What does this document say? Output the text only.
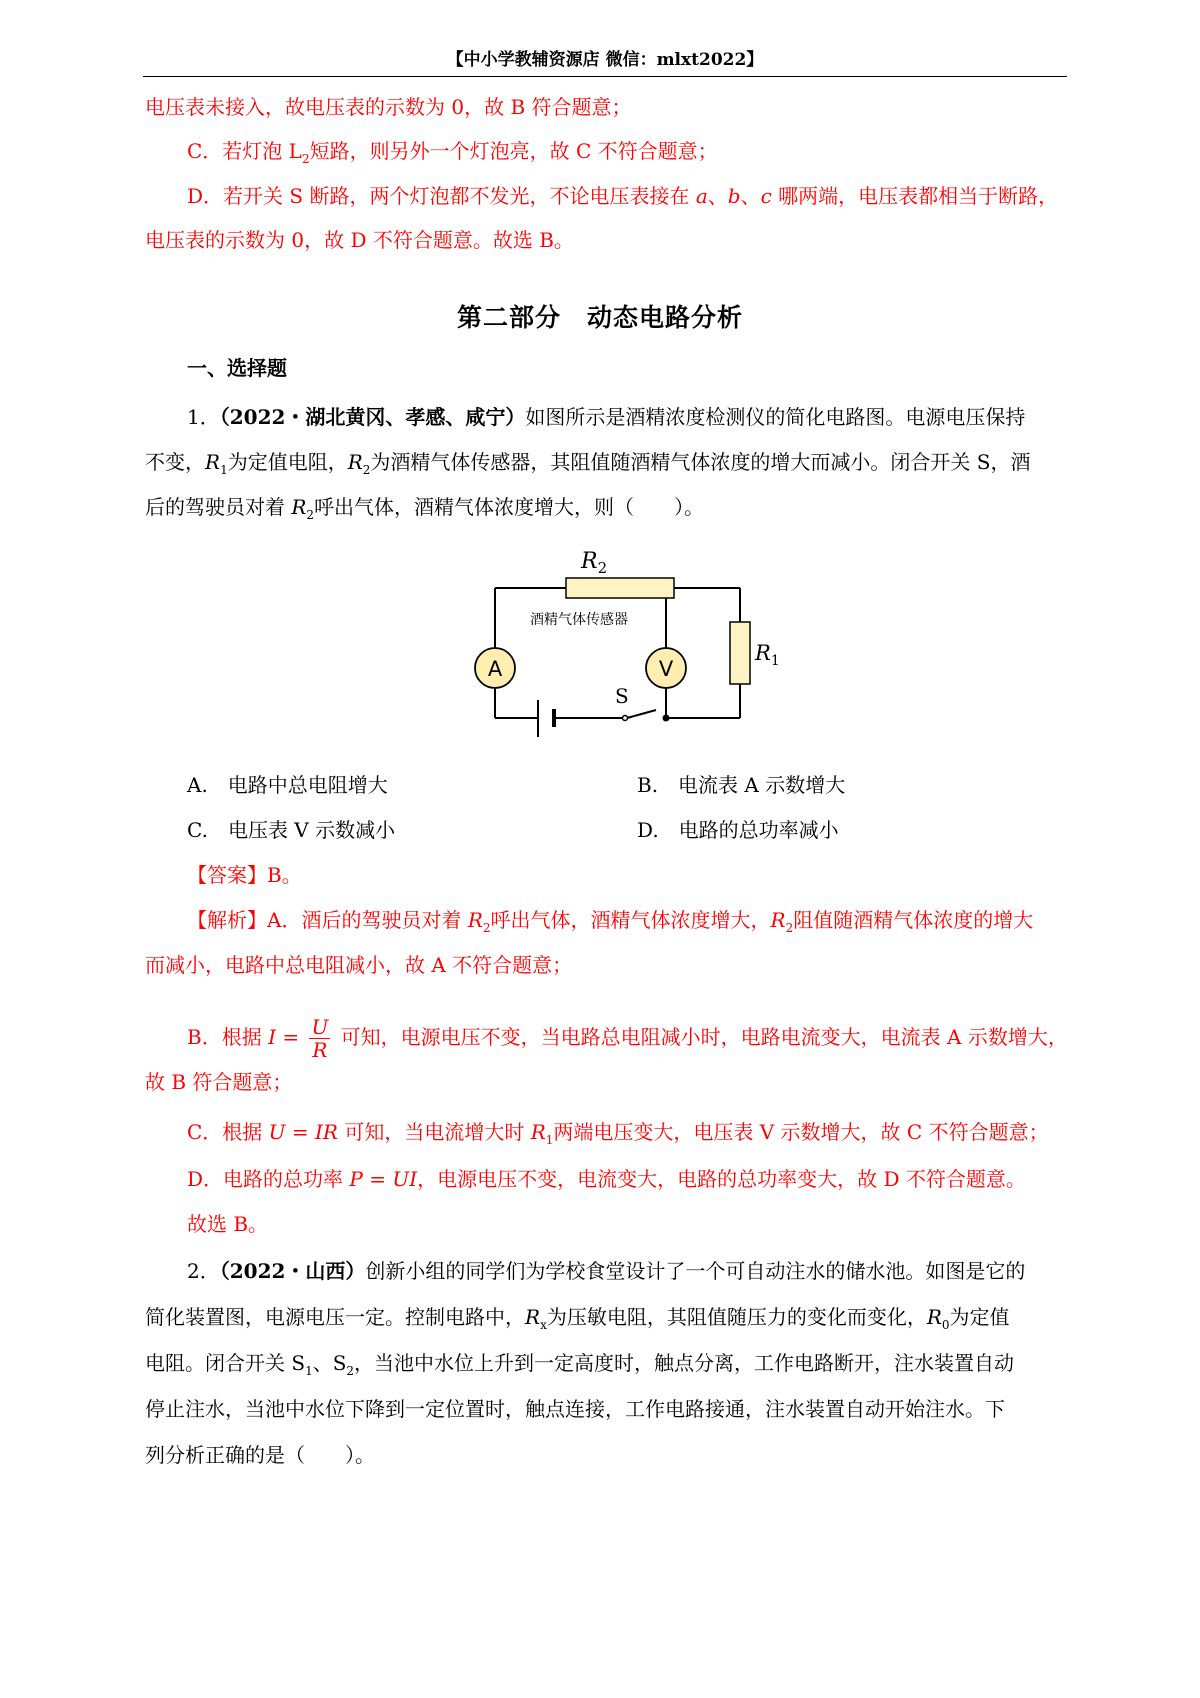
【中小学教辅资源店 微信：mlxt2022】
电压表未接入，故电压表的示数为 0，故 B 符合题意；
C．若灯泡 $L_2$短路，则另外一个灯泡亮，故 C 不符合题意；
D．若开关 S 断路，两个灯泡都不发光，不论电压表接在 a、b、c 哪两端，电压表都相当于断路，
电压表的示数为 0，故 D 不符合题意。故选 B。
第二部分　动态电路分析
一、选择题
1．（2022・湖北黄冈、孝感、咸宁）如图所示是酒精浓度检测仪的简化电路图。电源电压保持
不变，$R_1$为定值电阻，$R_2$为酒精气体传感器，其阻值随酒精气体浓度的增大而减小。闭合开关 S，酒
后的驾驶员对着 $R_2$呼出气体，酒精气体浓度增大，则（　　）。
S
$R_2$
酒精气体传感器
A	V
$R_1$
A.　电路中总电阻增大	B.　电流表 A 示数增大
C.　电压表 V 示数减小	D.　电路的总功率减小
【答案】B。
【解析】A．酒后的驾驶员对着 $R_2$呼出气体，酒精气体浓度增大，$R_2$阻值随酒精气体浓度的增大
而减小，电路中总电阻减小，故 A 不符合题意；
B．根据 $I = \frac{U}{R}$ 可知，电源电压不变，当电路总电阻减小时，电路电流变大，电流表 A 示数增大，
故 B 符合题意；
C．根据 U = IR 可知，当电流增大时 $R_1$两端电压变大，电压表 V 示数增大，故 C 不符合题意；
D．电路的总功率 P = UI，电源电压不变，电流变大，电路的总功率变大，故 D 不符合题意。
故选 B。
2．（2022・山西）创新小组的同学们为学校食堂设计了一个可自动注水的储水池。如图是它的
简化装置图，电源电压一定。控制电路中，$R_x$为压敏电阻，其阻值随压力的变化而变化，$R_0$为定值
电阻。闭合开关 $S_1$、$S_2$，当池中水位上升到一定高度时，触点分离，工作电路断开，注水装置自动
停止注水，当池中水位下降到一定位置时，触点连接，工作电路接通，注水装置自动开始注水。下
列分析正确的是（　　）。
